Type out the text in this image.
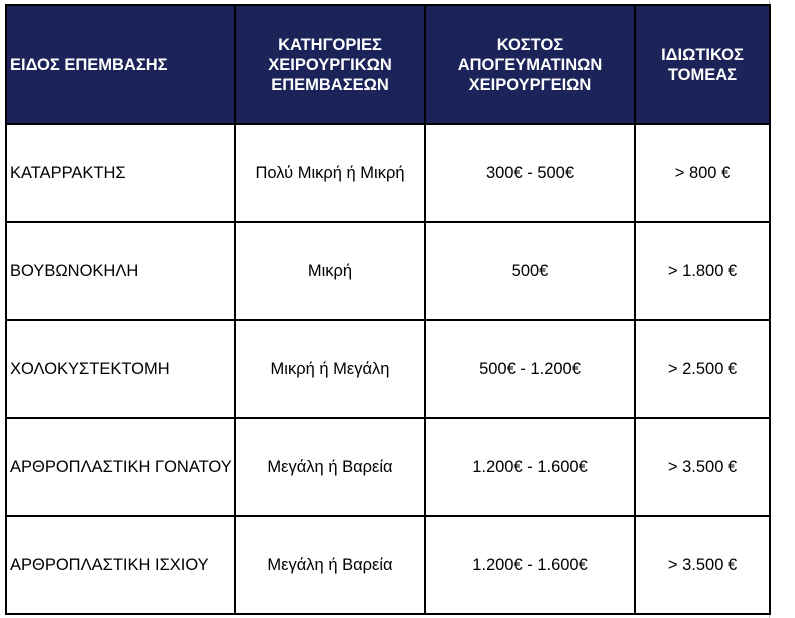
ΕΙΔΟΣ ΕΠΕΜΒΑΣΗΣ	ΚΑΤΗΓΟΡΙΕΣ ΧΕΙΡΟΥΡΓΙΚΩΝ ΕΠΕΜΒΑΣΕΩΝ	ΚΟΣΤΟΣ ΑΠΟΓΕΥΜΑΤΙΝΩΝ ΧΕΙΡΟΥΡΓΕΙΩΝ	ΙΔΙΩΤΙΚΟΣ ΤΟΜΕΑΣ

ΚΑΤΑΡΡΑΚΤΗΣ	Πολύ Μικρή ή Μικρή	300€ - 500€	> 800 €
ΒΟΥΒΩΝΟΚΗΛΗ	Μικρή	500€	> 1.800 €
ΧΟΛΟΚΥΣΤΕΚΤΟΜΗ	Μικρή ή Μεγάλη	500€ - 1.200€	> 2.500 €
ΑΡΘΡΟΠΛΑΣΤΙΚΗ ΓΟΝΑΤΟΥ	Μεγάλη ή Βαρεία	1.200€ - 1.600€	> 3.500 €
ΑΡΘΡΟΠΛΑΣΤΙΚΗ ΙΣΧΙΟΥ	Μεγάλη ή Βαρεία	1.200€ - 1.600€	> 3.500 €
